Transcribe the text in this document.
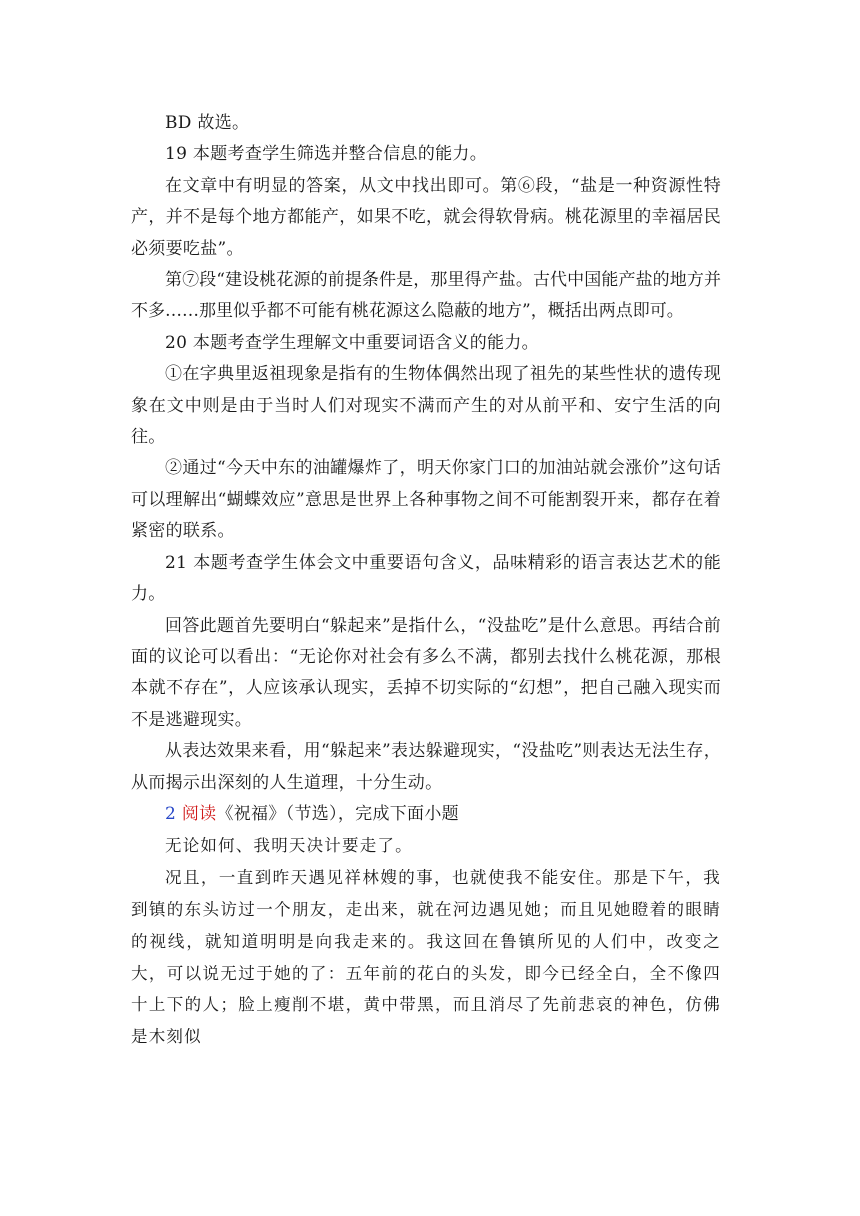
BD 故选。

19 本题考查学生筛选并整合信息的能力。

在文章中有明显的答案，从文中找出即可。第⑥段，“盐是一种资源性特产，并不是每个地方都能产，如果不吃，就会得软骨病。桃花源里的幸福居民必须要吃盐”。

第⑦段“建设桃花源的前提条件是，那里得产盐。古代中国能产盐的地方并不多……那里似乎都不可能有桃花源这么隐蔽的地方”，概括出两点即可。

20 本题考查学生理解文中重要词语含义的能力。

①在字典里返祖现象是指有的生物体偶然出现了祖先的某些性状的遗传现象在文中则是由于当时人们对现实不满而产生的对从前平和、安宁生活的向往。

②通过“今天中东的油罐爆炸了，明天你家门口的加油站就会涨价”这句话可以理解出“蝴蝶效应”意思是世界上各种事物之间不可能割裂开来，都存在着紧密的联系。

21 本题考查学生体会文中重要语句含义，品味精彩的语言表达艺术的能力。

回答此题首先要明白“躲起来”是指什么，“没盐吃”是什么意思。再结合前面的议论可以看出：“无论你对社会有多么不满，都别去找什么桃花源，那根本就不存在”，人应该承认现实，丢掉不切实际的“幻想”，把自己融入现实而不是逃避现实。

从表达效果来看，用“躲起来”表达躲避现实，“没盐吃”则表达无法生存，从而揭示出深刻的人生道理，十分生动。

2 阅读《祝福》（节选），完成下面小题

无论如何、我明天决计要走了。

况且，一直到昨天遇见祥林嫂的事，也就使我不能安住。那是下午，我到镇的东头访过一个朋友，走出来，就在河边遇见她；而且见她瞪着的眼睛的视线，就知道明明是向我走来的。我这回在鲁镇所见的人们中，改变之大，可以说无过于她的了：五年前的花白的头发，即今已经全白，全不像四十上下的人；脸上瘦削不堪，黄中带黑，而且消尽了先前悲哀的神色，仿佛是木刻似
